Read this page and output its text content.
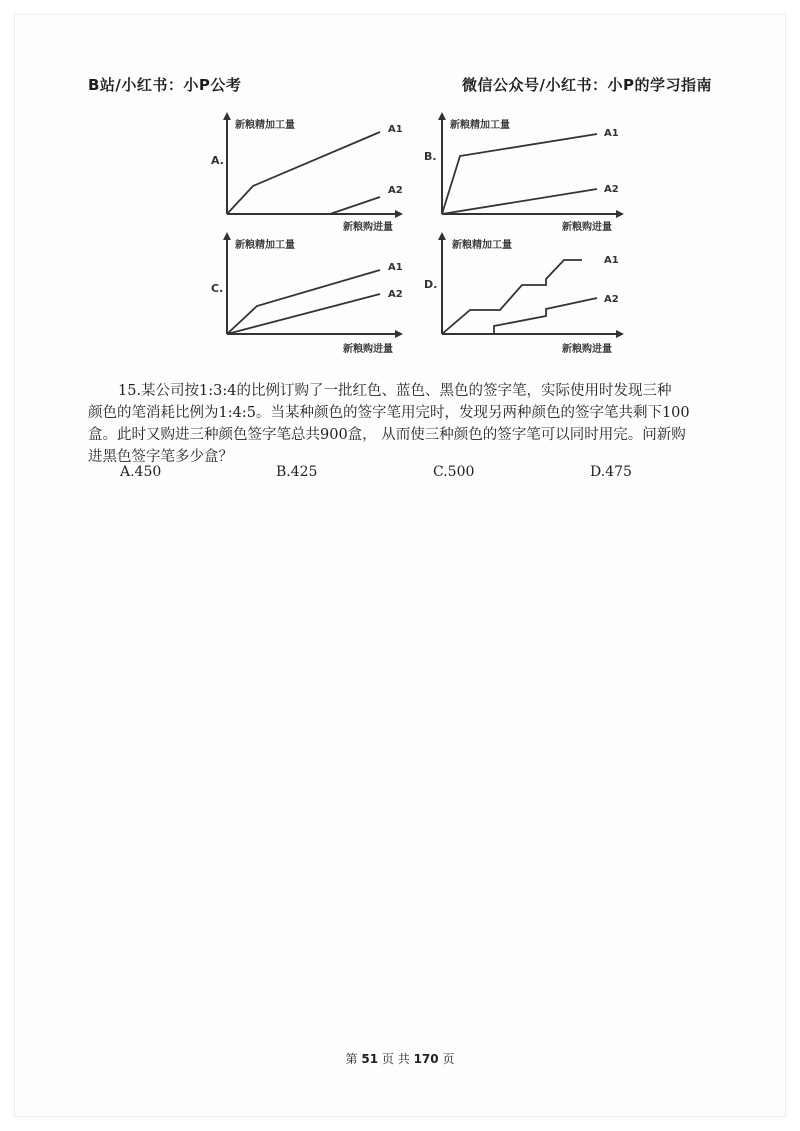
B站/小红书：小P公考	微信公众号/小红书：小P的学习指南
A.
新粮精加工量
新粮购进量
A1
A2
B.
新粮精加工量
新粮购进量
A1
A2
C.
新粮精加工量
新粮购进量
A1
A2
D.
新粮精加工量
新粮购进量
A1
A2

15.某公司按1:3:4的比例订购了一批红色、蓝色、黑色的签字笔，实际使用时发现三种

颜色的笔消耗比例为1:4:5。当某种颜色的签字笔用完时，发现另两种颜色的签字笔共剩下100

盒。此时又购进三种颜色签字笔总共900盒， 从而使三种颜色的签字笔可以同时用完。问新购

进黑色签字笔多少盒？

A.450	B.425	C.500	D.475
第 51 页 共 170 页
